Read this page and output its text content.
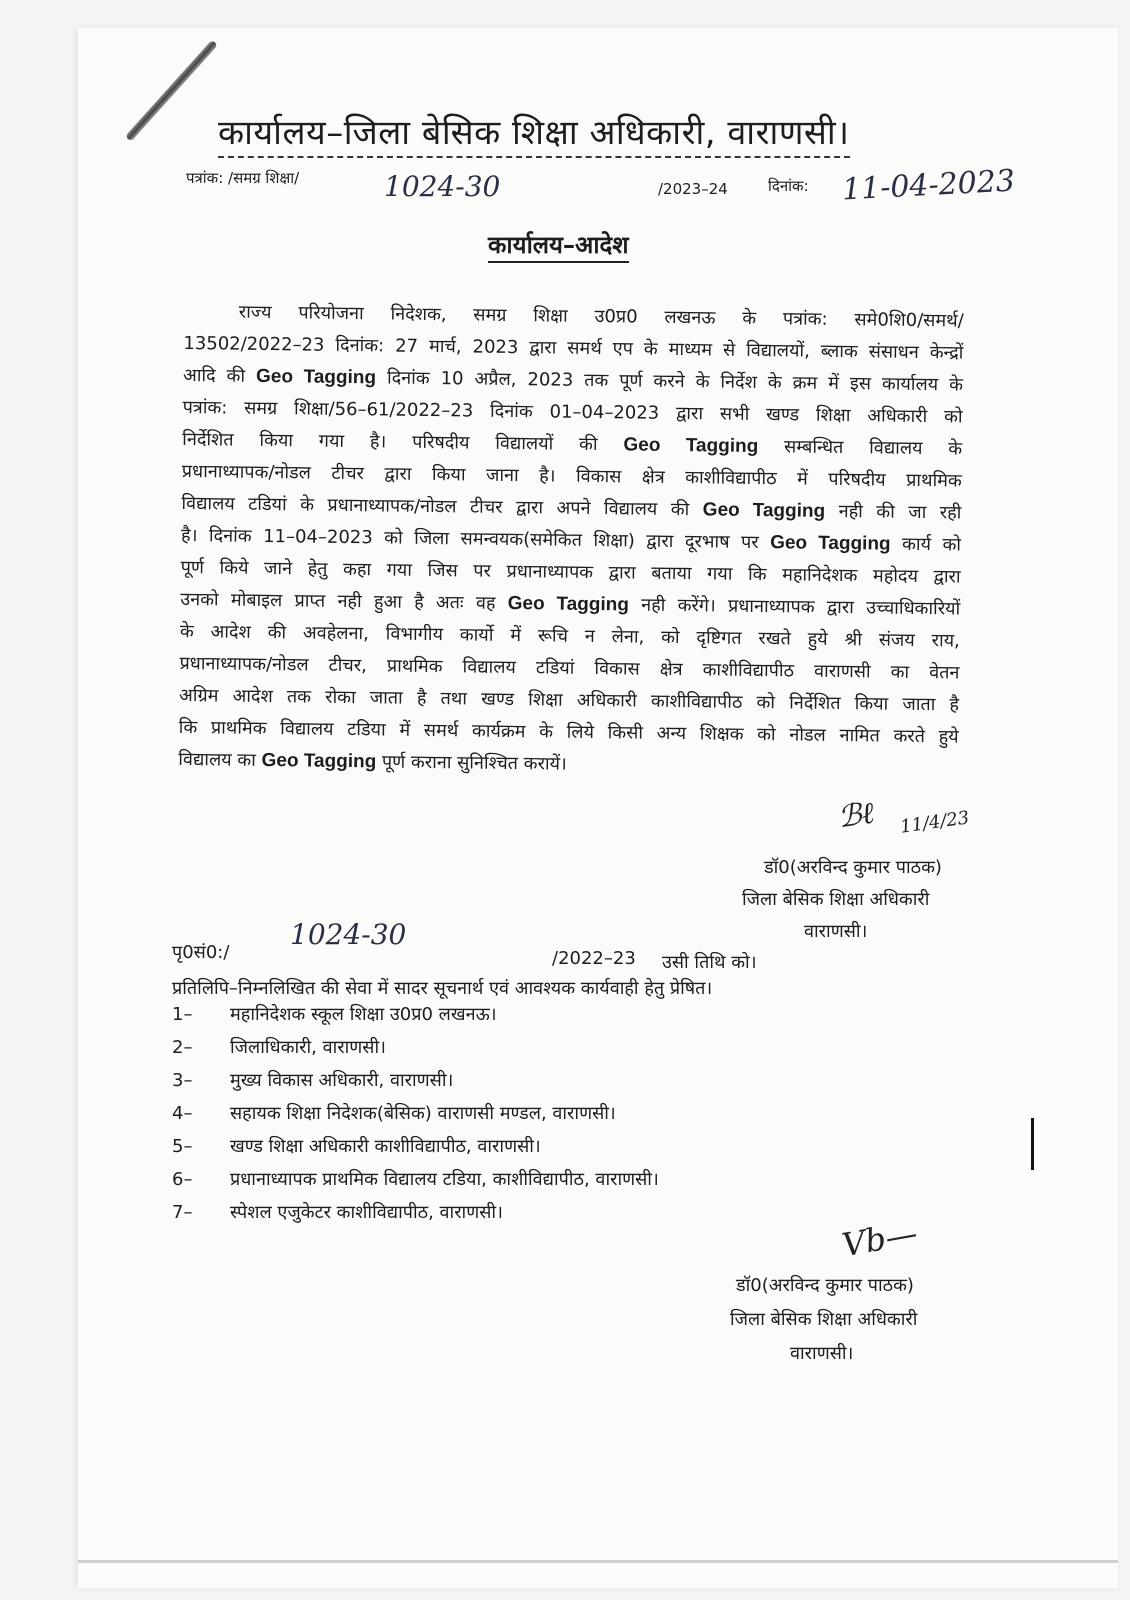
कार्यालय–जिला बेसिक शिक्षा अधिकारी, वाराणसी।
पत्रांक: /समग्र शिक्षा/	1024-30	/2023–24	दिनांक: 11-04-2023
कार्यालय–आदेश
राज्य परियोजना निदेशक, समग्र शिक्षा उ0प्र0 लखनऊ के पत्रांक: समे0शि0/समर्थ/
13502/2022–23 दिनांक: 27 मार्च, 2023 द्वारा समर्थ एप के माध्यम से विद्यालयों, ब्लाक संसाधन केन्द्रों
आदि की Geo Tagging दिनांक 10 अप्रैल, 2023 तक पूर्ण करने के निर्देश के क्रम में इस कार्यालय के
पत्रांक: समग्र शिक्षा/56–61/2022–23 दिनांक 01–04–2023 द्वारा सभी खण्ड शिक्षा अधिकारी को
निर्देशित किया गया है। परिषदीय विद्यालयों की Geo Tagging सम्बन्धित विद्यालय के
प्रधानाध्यापक/नोडल टीचर द्वारा किया जाना है। विकास क्षेत्र काशीविद्यापीठ में परिषदीय प्राथमिक
विद्यालय टडियां के प्रधानाध्यापक/नोडल टीचर द्वारा अपने विद्यालय की Geo Tagging नही की जा रही
है। दिनांक 11–04–2023 को जिला समन्वयक(समेकित शिक्षा) द्वारा दूरभाष पर Geo Tagging कार्य को
पूर्ण किये जाने हेतु कहा गया जिस पर प्रधानाध्यापक द्वारा बताया गया कि महानिदेशक महोदय द्वारा
उनको मोबाइल प्राप्त नही हुआ है अतः वह Geo Tagging नही करेंगे। प्रधानाध्यापक द्वारा उच्चाधिकारियों
के आदेश की अवहेलना, विभागीय कार्यो में रूचि न लेना, को दृष्टिगत रखते हुये श्री संजय राय,
प्रधानाध्यापक/नोडल टीचर, प्राथमिक विद्यालय टडियां विकास क्षेत्र काशीविद्यापीठ वाराणसी का वेतन
अग्रिम आदेश तक रोका जाता है तथा खण्ड शिक्षा अधिकारी काशीविद्यापीठ को निर्देशित किया जाता है
कि प्राथमिक विद्यालय टडिया में समर्थ कार्यक्रम के लिये किसी अन्य शिक्षक को नोडल नामित करते हुये
विद्यालय का Geo Tagging पूर्ण कराना सुनिश्चित करायें।
ℬℓ 11/4/23
डॉ0(अरविन्द कुमार पाठक)
जिला बेसिक शिक्षा अधिकारी
वाराणसी।
पृ0सं0:/
1024-30
/2022–23 उसी तिथि को।
प्रतिलिपि–निम्नलिखित की सेवा में सादर सूचनार्थ एवं आवश्यक कार्यवाही हेतु प्रेषित।
1– महानिदेशक स्कूल शिक्षा उ0प्र0 लखनऊ।
2– जिलाधिकारी, वाराणसी।
3– मुख्य विकास अधिकारी, वाराणसी।
4– सहायक शिक्षा निदेशक(बेसिक) वाराणसी मण्डल, वाराणसी।
5– खण्ड शिक्षा अधिकारी काशीविद्यापीठ, वाराणसी।
6– प्रधानाध्यापक प्राथमिक विद्यालय टडिया, काशीविद्यापीठ, वाराणसी।
7– स्पेशल एजुकेटर काशीविद्यापीठ, वाराणसी।
Vb—
डॉ0(अरविन्द कुमार पाठक)
जिला बेसिक शिक्षा अधिकारी
वाराणसी।
